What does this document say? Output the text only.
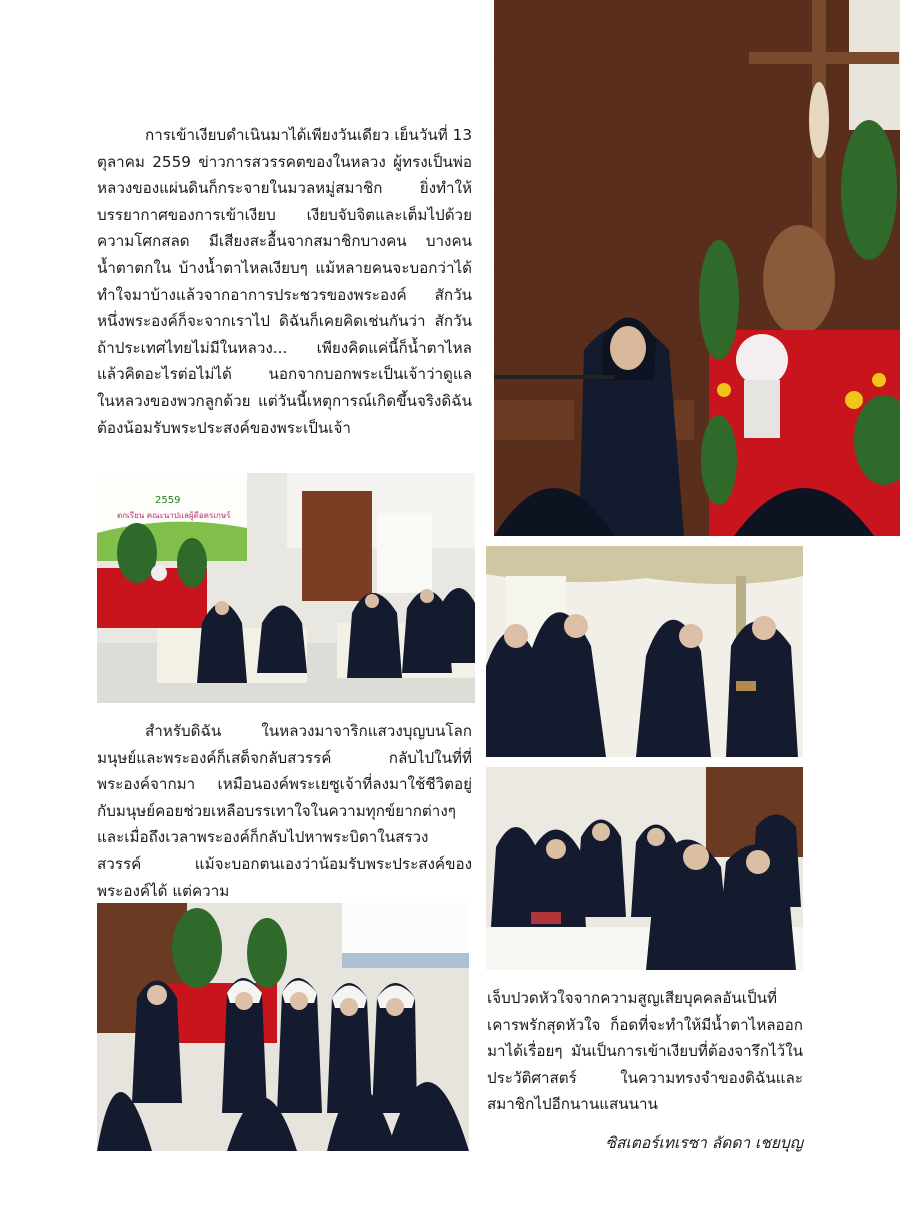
การเข้าเงียบดำเนินมาได้เพียงวันเดียว เย็นวันที่ 13 ตุลาคม 2559 ข่าวการสวรรคตของในหลวง ผู้ทรงเป็นพ่อหลวงของแผ่นดินก็กระจายในมวลหมู่สมาชิก ยิ่งทำให้บรรยากาศของการเข้าเงียบ เงียบจับจิตและเต็มไปด้วยความโศกสลด มีเสียงสะอื้นจากสมาชิกบางคน บางคนน้ำตาตกใน บ้างน้ำตาไหลเงียบๆ แม้หลายคนจะบอกว่าได้ทำใจมาบ้างแล้วจากอาการประชวรของพระองค์ สักวันหนึ่งพระองค์ก็จะจากเราไป ดิฉันก็เคยคิดเช่นกันว่า สักวันถ้าประเทศไทยไม่มีในหลวง... เพียงคิดแค่นี้ก็น้ำตาไหลแล้วคิดอะไรต่อไม่ได้ นอกจากบอกพระเป็นเจ้าว่าดูแลในหลวงของพวกลูกด้วย แต่วันนี้เหตุการณ์เกิดขึ้นจริงดิฉันต้องน้อมรับพระประสงค์ของพระเป็นเจ้า

สำหรับดิฉัน ในหลวงมาจาริกแสวงบุญบนโลกมนุษย์และพระองค์ก็เสด็จกลับสวรรค์ กลับไปในที่ที่พระองค์จากมา เหมือนองค์พระเยซูเจ้าที่ลงมาใช้ชีวิตอยู่กับมนุษย์คอยช่วยเหลือบรรเทาใจในความทุกข์ยากต่างๆ และเมื่อถึงเวลาพระองค์ก็กลับไปหาพระบิดาในสรวงสวรรค์ แม้จะบอกตนเองว่าน้อมรับพระประสงค์ของพระองค์ได้ แต่ความ

เจ็บปวดหัวใจจากความสูญเสียบุคคลอันเป็นที่เคารพรักสุดหัวใจ ก็อดที่จะทำให้มีน้ำตาไหลออกมาได้เรื่อยๆ มันเป็นการเข้าเงียบที่ต้องจารึกไว้ในประวัติศาสตร์ ในความทรงจำของดิฉันและสมาชิกไปอีกนานแสนนาน

ซิสเตอร์เทเรซา ลัดดา เชยบุญ
2559
ตกเรียน คณะนาปแลผู้ดีอครเกษร์
